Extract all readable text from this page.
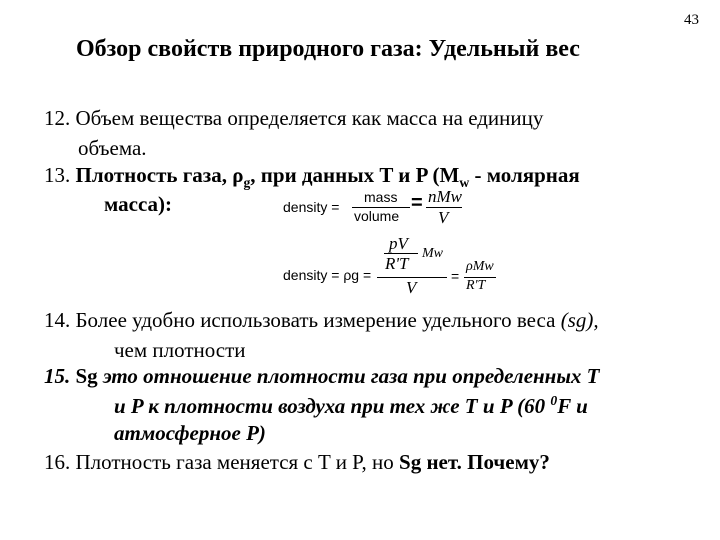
43
Обзор свойств природного газа: Удельный вес
12. Объем вещества определяется как масса на единицу
объема.
13. Плотность газа, $\rho_g$, при данных T и P ($M_w$ - молярная
масса):	density =
mass
volume
= nMw
V
density = ρg =
pV
R'T
Mw
V
=
ρMw
R'T
14. Более удобно использовать измерение удельного веса (sg),
чем плотности
15. Sg это отношение плотности газа при определенных T
и P к плотности воздуха при тех же T и P (60 $^0$F и
атмосферное P)
16. Плотность газа меняется с T и P, но Sg нет. Почему?
